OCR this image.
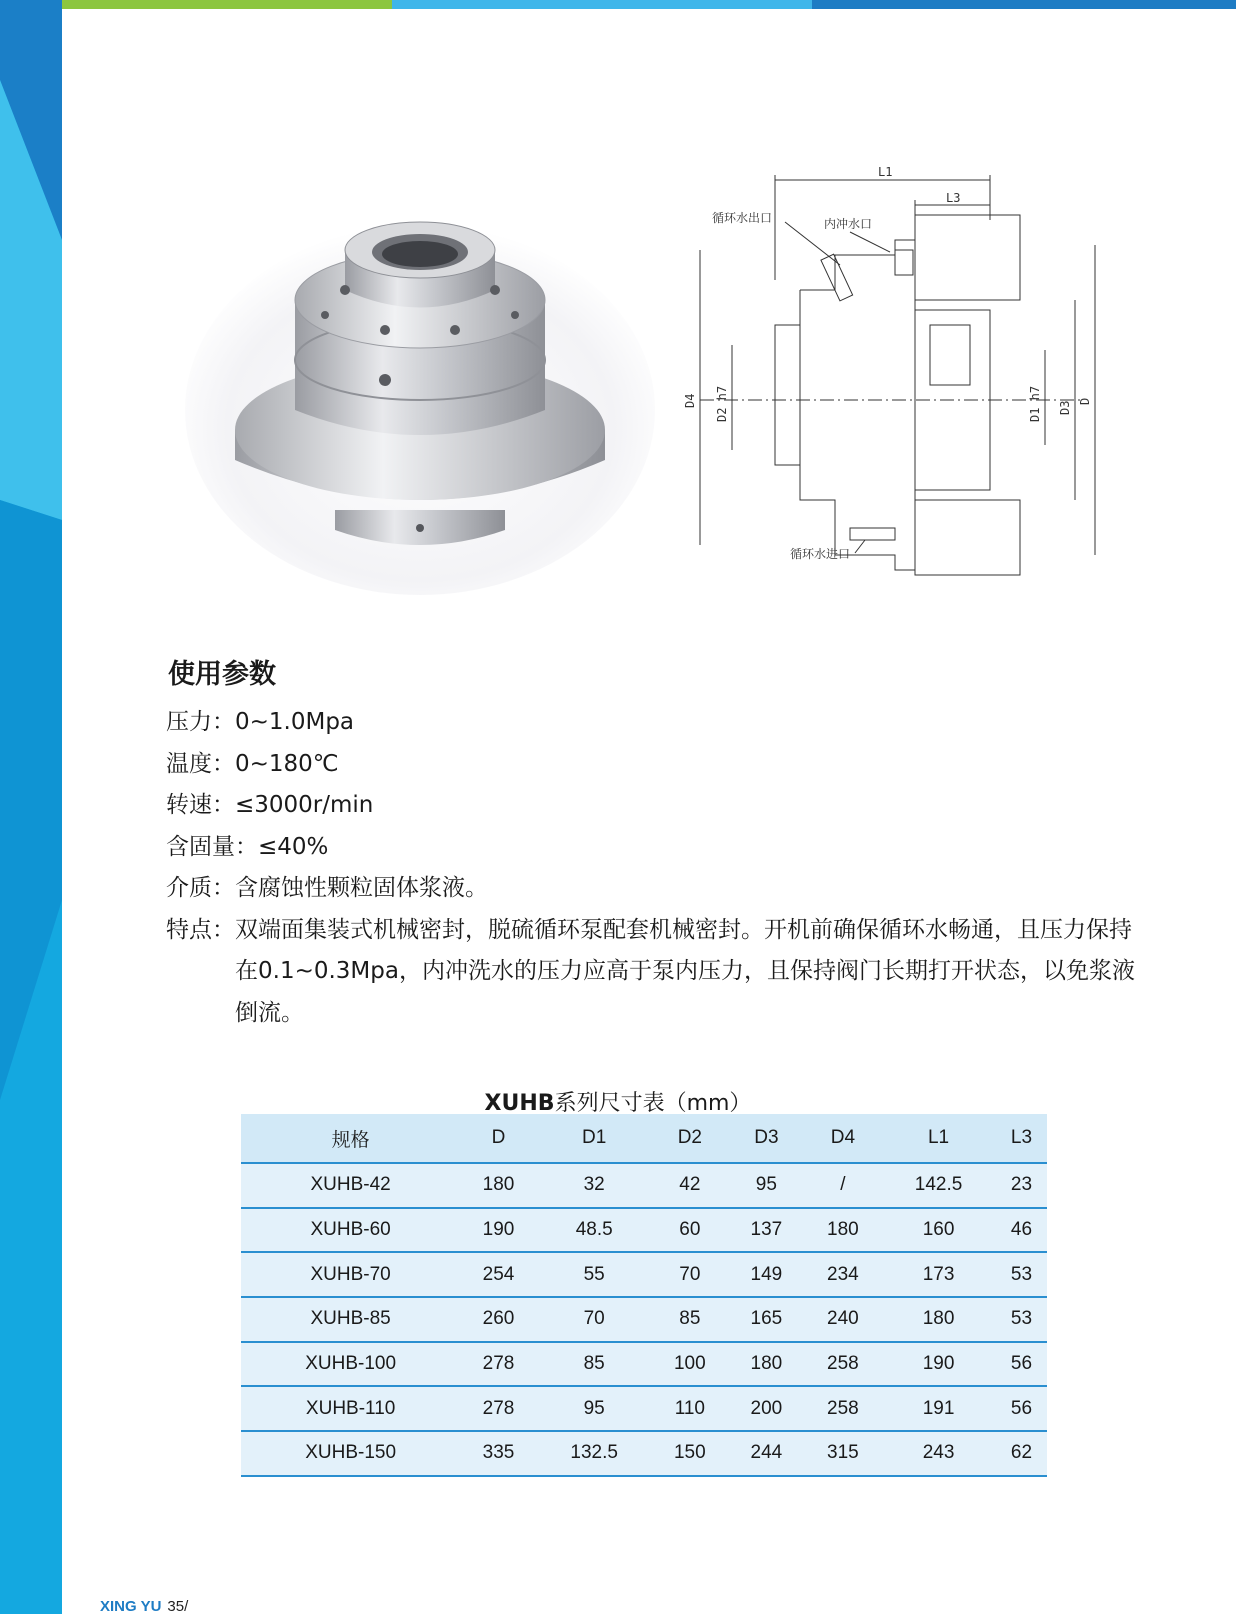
L1
L3
D4 D2 h7	D1 h7 D3 D
循环水出口	内冲水口
循环水进口
使用参数
压力： 0~1.0Mpa
温度： 0~180℃
转速： ≤3000r/min
含固量： ≤40%
介质： 含腐蚀性颗粒固体浆液。
特点： 双端面集装式机械密封，脱硫循环泵配套机械密封。开机前确保循环水畅通，且压力保持在0.1~0.3Mpa，内冲洗水的压力应高于泵内压力，且保持阀门长期打开状态，以免浆液倒流。
XUHB系列尺寸表（mm）
规格	D	D1	D2	D3	D4	L1	L3
XUHB-42	180	32	42	95	/	142.5	23
XUHB-60	190	48.5	60	137	180	160	46
XUHB-70	254	55	70	149	234	173	53
XUHB-85	260	70	85	165	240	180	53
XUHB-100	278	85	100	180	258	190	56
XUHB-110	278	95	110	200	258	191	56
XUHB-150	335	132.5	150	244	315	243	62
XING YU 35/
